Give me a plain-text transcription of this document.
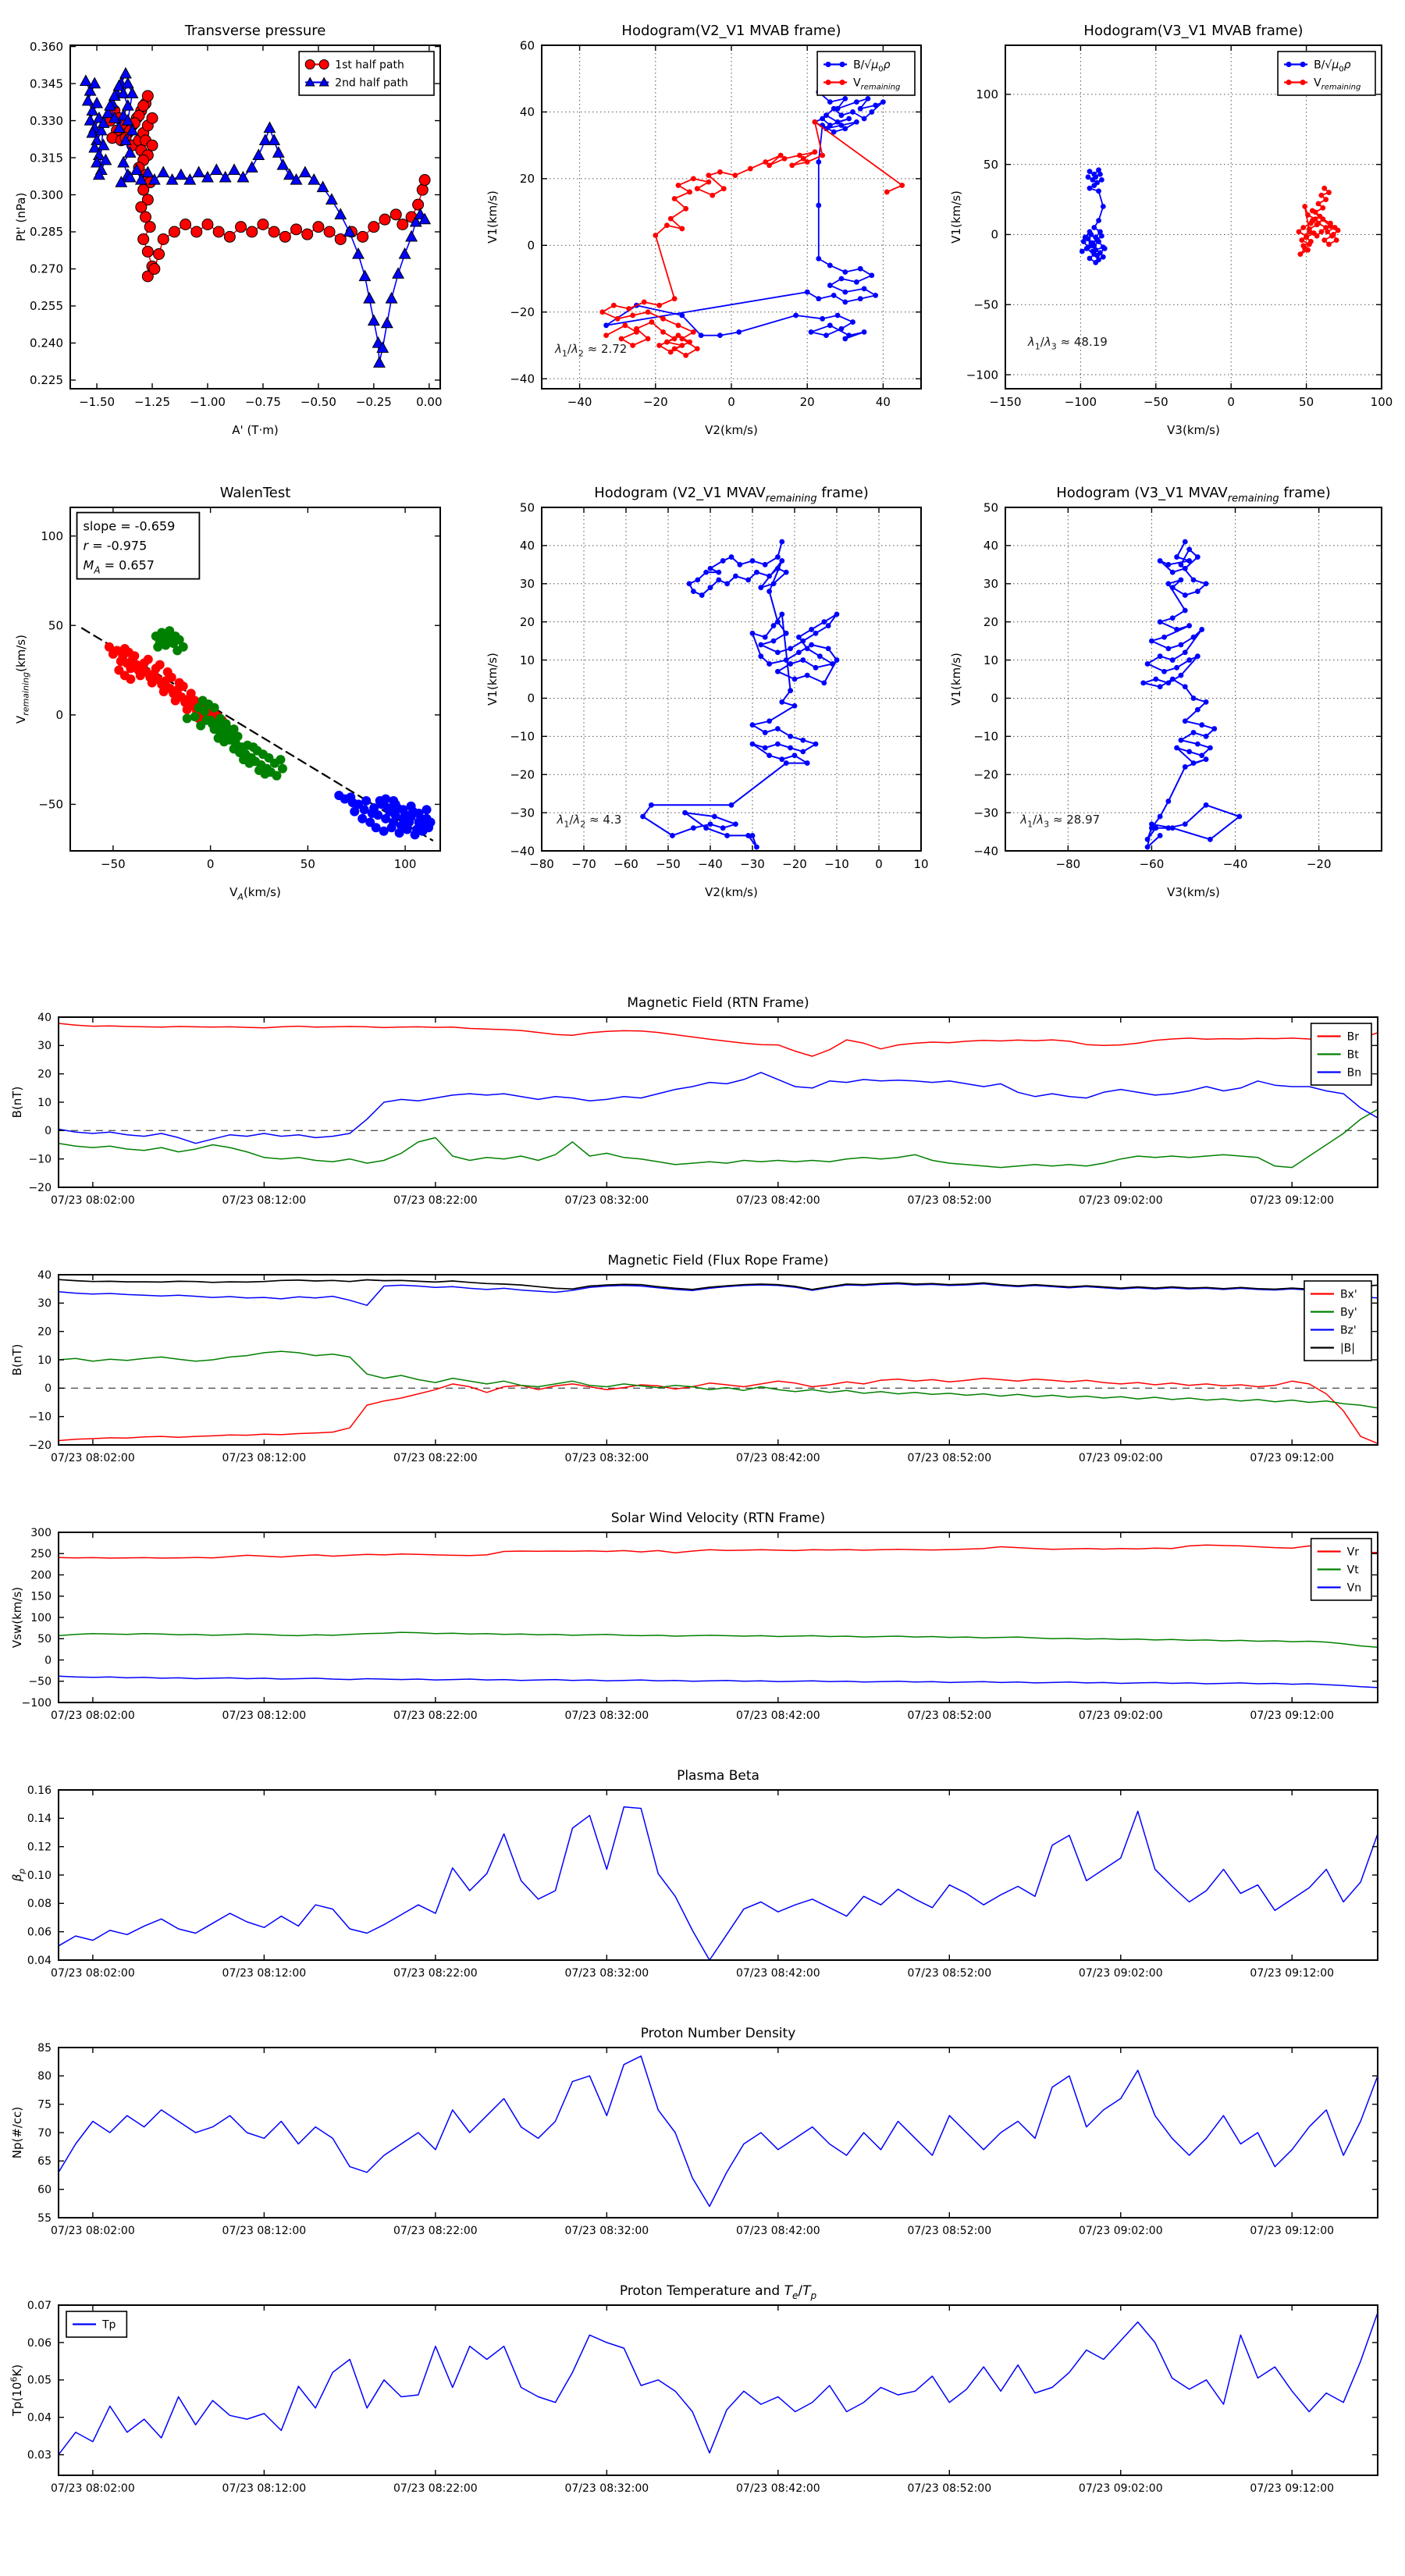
−1.50 −1.25 −1.00 −0.75 −0.50 −0.25 0.00
0.225
0.240
0.255
0.270
0.285
0.300
0.315
0.330
0.345
0.360
Transverse pressure
A' (T·m)
Pt' (nPa)
1st half path
2nd half path
−40	−20	0	20	40
−40
−20
0
20
40
60
Hodogram(V2_V1 MVAB frame)
V2(km/s)
V1(km/s)
$B/√\mu_0\rho$
$V_{remaining}$
$\lambda_1/\lambda_2 \approx 2.72$
−150	−100	−50	0	50	100
−100
−50
0
50
100
Hodogram(V3_V1 MVAB frame)
V3(km/s)
V1(km/s)
$B/√\mu_0\rho$
$V_{remaining}$
$\lambda_1/\lambda_3 \approx 48.19$
−50	0	50	100
−50
0
50
100
WalenTest
$V_A(km/s)$
$V_{remaining}(km/s)$
slope = -0.659
r = -0.975
$M_A = 0.657$
−80 −70 −60 −50 −40 −30 −20 −10 0	10
−40
−30
−20
−10
0
10
20
30
40
50
Hodogram (V2_V1 $MVAV_{remaining}$ frame)
V2(km/s)
V1(km/s)
$\lambda_1/\lambda_2 \approx 4.3$
−80	−60	−40	−20
−40
−30
−20
−10
0
10
20
30
40
50
Hodogram (V3_V1 $MVAV_{remaining}$ frame)
V3(km/s)
V1(km/s)
$\lambda_1/\lambda_3 \approx 28.97$
07/23 08:02:00	07/23 08:12:00	07/23 08:22:00	07/23 08:32:00	07/23 08:42:00	07/23 08:52:00	07/23 09:02:00	07/23 09:12:00
−20
−10
0
10
20
30
40
Magnetic Field (RTN Frame)
B(nT)
Br
Bt
Bn
07/23 08:02:00	07/23 08:12:00	07/23 08:22:00	07/23 08:32:00	07/23 08:42:00	07/23 08:52:00	07/23 09:02:00	07/23 09:12:00
−20
−10
0
10
20
30
40
Magnetic Field (Flux Rope Frame)
B(nT)
Bx'
By'
Bz'
|B|
07/23 08:02:00	07/23 08:12:00	07/23 08:22:00	07/23 08:32:00	07/23 08:42:00	07/23 08:52:00	07/23 09:02:00	07/23 09:12:00
−100
−50
0
50
100
150
200
250
300
Solar Wind Velocity (RTN Frame)
Vsw(km/s)
Vr
Vt
Vn
07/23 08:02:00	07/23 08:12:00	07/23 08:22:00	07/23 08:32:00	07/23 08:42:00	07/23 08:52:00	07/23 09:02:00	07/23 09:12:00
0.04
0.06
0.08
0.10
0.12
0.14
0.16
Plasma Beta
$\beta_p$
07/23 08:02:00	07/23 08:12:00	07/23 08:22:00	07/23 08:32:00	07/23 08:42:00	07/23 08:52:00	07/23 09:02:00	07/23 09:12:00
55
60
65
70
75
80
85
Proton Number Density
Np(#/cc)
07/23 08:02:00	07/23 08:12:00	07/23 08:22:00	07/23 08:32:00	07/23 08:42:00	07/23 08:52:00	07/23 09:02:00	07/23 09:12:00
0.03
0.04
0.05
0.06
0.07
Proton Temperature and $T_e/T_p$
$Tp(10^6K)$
Tp
